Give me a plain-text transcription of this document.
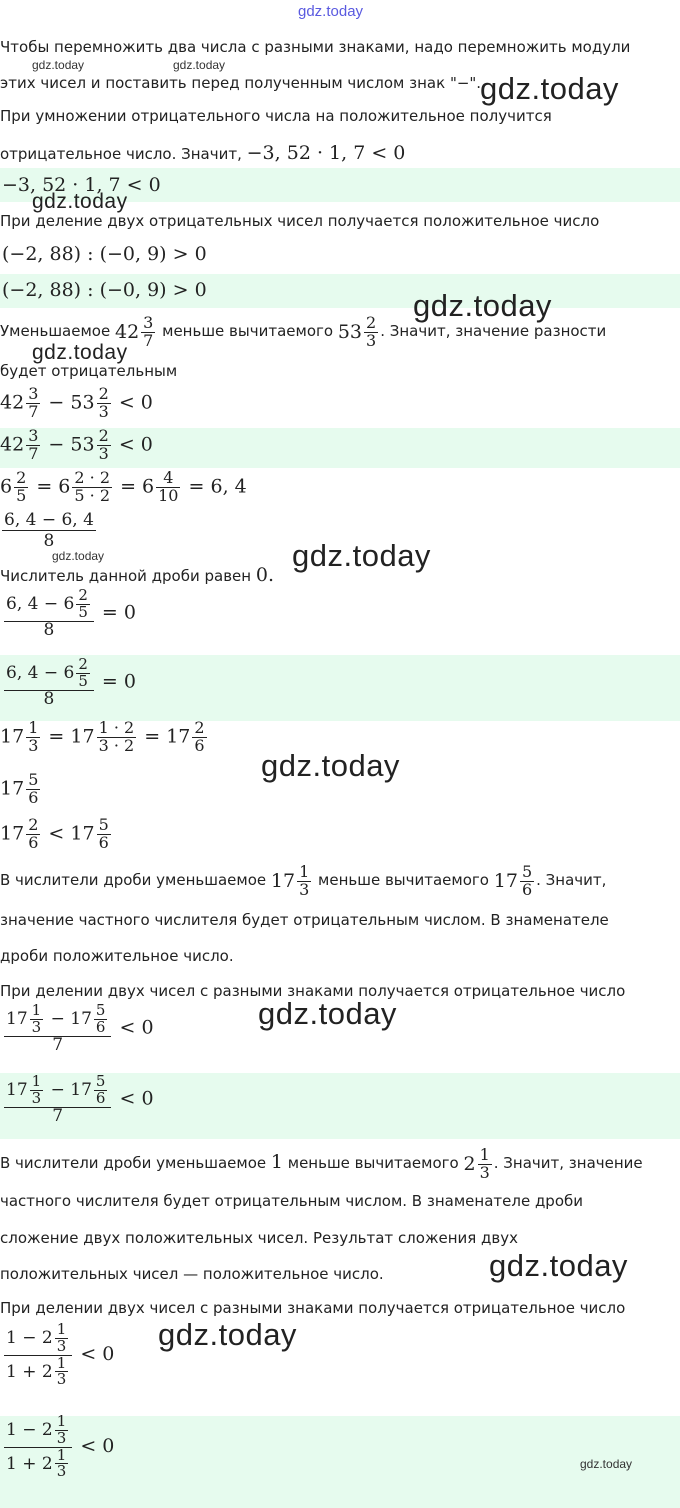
gdz.today
Чтобы перемножить два числа с разными знаками, надо перемножить модули
gdz.today	gdz.today
этих чисел и поставить перед полученным числом знак "−".
gdz.today
При умножении отрицательного числа на положительное получится
отрицательное число. Значит, −3, 52 · 1, 7 < 0
−3, 52 · 1, 7 < 0
gdz.today
При деление двух отрицательных чисел получается положительное число
(−2, 88) : (−0, 9) > 0
(−2, 88) : (−0, 9) > 0	gdz.today
Уменьшаемое $42 \frac{3}{7}$ меньше вычитаемого $53 \frac{2}{3}$ . Значит, значение разности
gdz.today
будет отрицательным
$42 \frac{3}{7} - 53 \frac{2}{3} < 0$
$42 \frac{3}{7} - 53 \frac{2}{3} < 0$
$6 \frac{2}{5} = 6 \frac{2 \cdot 2}{5 \cdot 2} = 6 \frac{4}{10} = 6$, 4
6, 4 − 6, 4
8
gdz.today
Числитель данной дроби равен 0.
gdz.today
$\frac{6, 4 - 6 \frac{2}{5}}{8} = 0$
$\frac{6, 4 - 6 \frac{2}{5}}{8} = 0$
$17 \frac{1}{3} = 17 \frac{1 \cdot 2}{3 \cdot 2} = 17 \frac{2}{6}$
gdz.today
$17 \frac{5}{6}$
$17 \frac{2}{6} < 17 \frac{5}{6}$
В числители дроби уменьшаемое $17 \frac{1}{3}$ меньше вычитаемого $17 \frac{5}{6}$ . Значит,
значение частного числителя будет отрицательным числом. В знаменателе
дроби положительное число.
При делении двух чисел с разными знаками получается отрицательное число
gdz.today
$\frac{17 \frac{1}{3} - 17 \frac{5}{6}}{7} < 0$
$\frac{17 \frac{1}{3} - 17 \frac{5}{6}}{7} < 0$
В числители дроби уменьшаемое 1 меньше вычитаемого $2 \frac{1}{3}$ . Значит, значение
частного числителя будет отрицательным числом. В знаменателе дроби
сложение двух положительных чисел. Результат сложения двух
положительных чисел — положительное число.	gdz.today
При делении двух чисел с разными знаками получается отрицательное число
gdz.today
$\frac{1 - 2 \frac{1}{3}}{1 + 2 \frac{1}{3}} < 0$
$\frac{1 - 2 \frac{1}{3}}{1 + 2 \frac{1}{3}} < 0$
gdz.today
